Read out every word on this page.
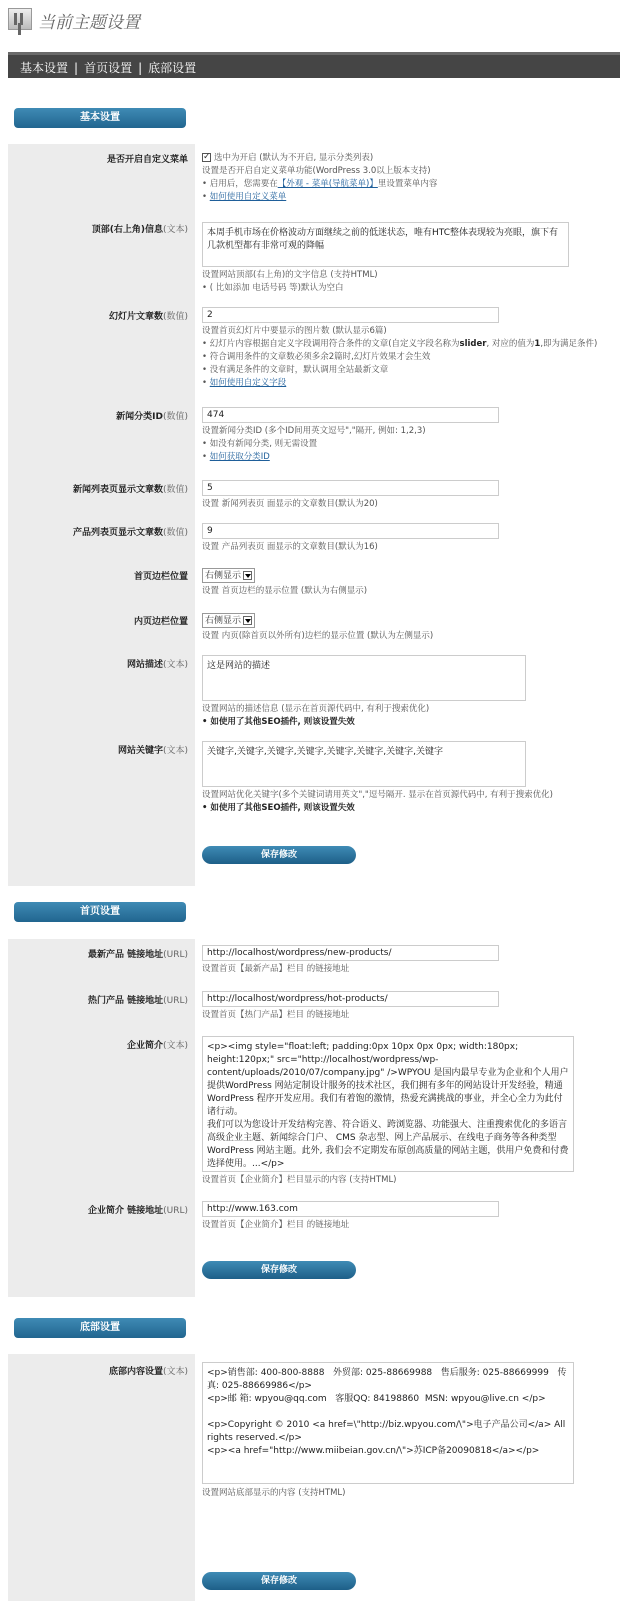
当前主题设置
基本设置 | 首页设置 | 底部设置
基本设置
是否开启自定义菜单 ✓	选中为开启 (默认为不开启, 显示分类列表)
设置是否开启自定义菜单功能(WordPress 3.0以上版本支持)
• 启用后，您需要在【外观 - 菜单(导航菜单)】里设置菜单内容
• 如何使用自定义菜单
顶部(右上角)信息(文本)	本周手机市场在价格波动方面继续之前的低迷状态，唯有HTC整体表现较为亮眼，旗下有几款机型都有非常可观的降幅
设置网站顶部(右上角)的文字信息 (支持HTML)
• ( 比如添加 电话号码 等)默认为空白
幻灯片文章数(数值)	2
设置首页幻灯片中要显示的图片数 (默认显示6篇)
• 幻灯片内容根据自定义字段调用符合条件的文章(自定义字段名称为slider, 对应的值为1,即为满足条件)
• 符合调用条件的文章数必须多余2篇时,幻灯片效果才会生效
• 没有满足条件的文章时，默认调用全站最新文章
• 如何使用自定义字段
新闻分类ID(数值)	474
设置新闻分类ID (多个ID间用英文逗号","隔开, 例如: 1,2,3)
• 如没有新闻分类, 则无需设置
• 如何获取分类ID
新闻列表页显示文章数(数值)	5
设置 新闻列表页 面显示的文章数目(默认为20)
产品列表页显示文章数(数值)	9
设置 产品列表页 面显示的文章数目(默认为16)
首页边栏位置	右侧显示
设置 首页边栏的显示位置 (默认为右侧显示)
内页边栏位置	右侧显示
设置 内页(除首页以外所有)边栏的显示位置 (默认为左侧显示)
网站描述(文本)	这是网站的描述
设置网站的描述信息 (显示在首页源代码中, 有利于搜索优化)
• 如使用了其他SEO插件, 则该设置失效
网站关键字(文本)	关键字,关键字,关键字,关键字,关键字,关键字,关键字,关键字
设置网站优化关键字(多个关键词请用英文","逗号隔开. 显示在首页源代码中, 有利于搜索优化)
• 如使用了其他SEO插件, 则该设置失效
保存修改
首页设置
最新产品 链接地址(URL)	http://localhost/wordpress/new-products/
设置首页【最新产品】栏目 的链接地址
热门产品 链接地址(URL)	http://localhost/wordpress/hot-products/
设置首页【热门产品】栏目 的链接地址
企业简介(文本)	<p><img style="float:left; padding:0px 10px 0px 0px; width:180px; height:120px;" src="http://localhost/wordpress/wp-content/uploads/2010/07/company.jpg" />WPYOU 是国内最早专业为企业和个人用户提供WordPress 网站定制设计服务的技术社区，我们拥有多年的网站设计开发经验，精通WordPress 程序开发应用。我们有着饱的激情，热爱充满挑战的事业，并全心全力为此付诸行动。
我们可以为您设计开发结构完善、符合语义、跨浏览器、功能强大、注重搜索优化的多语言高级企业主题、新闻综合门户、 CMS 杂志型、网上产品展示、在线电子商务等各种类型 WordPress 网站主题。此外, 我们会不定期发布原创高质量的网站主题，供用户免费和付费选择使用。...</p>
设置首页【企业简介】栏目显示的内容 (支持HTML)
企业简介 链接地址(URL)	http://www.163.com
设置首页【企业简介】栏目 的链接地址
保存修改
底部设置
底部内容设置(文本)	<p>销售部: 400-800-8888   外贸部: 025-88669988   售后服务: 025-88669999   传 真: 025-88669986</p>
<p>邮 箱: wpyou@qq.com   客服QQ: 84198860  MSN: wpyou@live.cn </p>

<p>Copyright © 2010 <a href=\"http://biz.wpyou.com/\">电子产品公司</a> All rights reserved.</p>
<p><a href="http://www.miibeian.gov.cn/\">苏ICP备20090818</a></p>
设置网站底部显示的内容 (支持HTML)
保存修改
